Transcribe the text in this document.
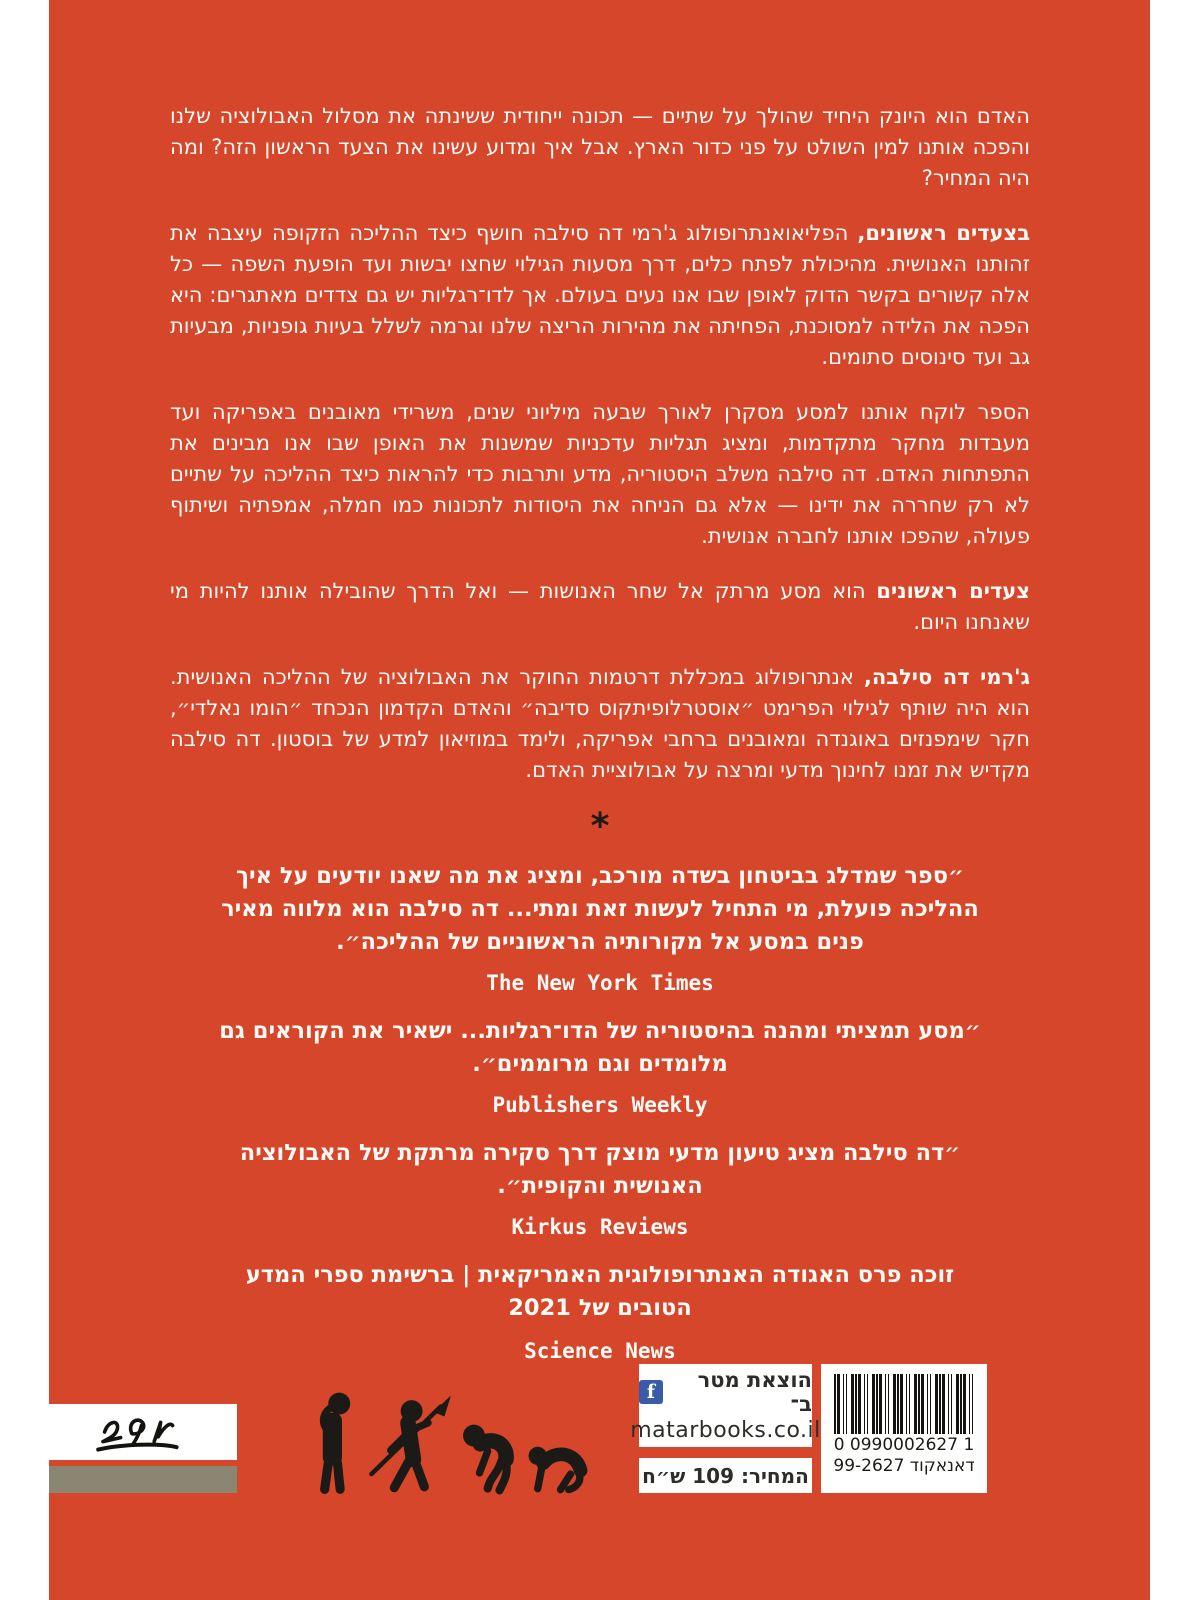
האדם הוא היונק היחיד שהולך על שתיים — תכונה ייחודית ששינתה את מסלול האבולוציה שלנו והפכה אותנו למין השולט על פני כדור הארץ. אבל איך ומדוע עשינו את הצעד הראשון הזה? ומה היה המחיר?

בצעדים ראשונים, הפליאואנתרופולוג ג'רמי דה סילבה חושף כיצד ההליכה הזקופה עיצבה את זהותנו האנושית. מהיכולת לפתח כלים, דרך מסעות הגילוי שחצו יבשות ועד הופעת השפה — כל אלה קשורים בקשר הדוק לאופן שבו אנו נעים בעולם. אך לדו־רגליות יש גם צדדים מאתגרים: היא הפכה את הלידה למסוכנת, הפחיתה את מהירות הריצה שלנו וגרמה לשלל בעיות גופניות, מבעיות גב ועד סינוסים סתומים.

הספר לוקח אותנו למסע מסקרן לאורך שבעה מיליוני שנים, משרידי מאובנים באפריקה ועד מעבדות מחקר מתקדמות, ומציג תגליות עדכניות שמשנות את האופן שבו אנו מבינים את התפתחות האדם. דה סילבה משלב היסטוריה, מדע ותרבות כדי להראות כיצד ההליכה על שתיים לא רק שחררה את ידינו — אלא גם הניחה את היסודות לתכונות כמו חמלה, אמפתיה ושיתוף פעולה, שהפכו אותנו לחברה אנושית.

צעדים ראשונים הוא מסע מרתק אל שחר האנושות — ואל הדרך שהובילה אותנו להיות מי שאנחנו היום.

ג'רמי דה סילבה, אנתרופולוג במכללת דרטמות החוקר את האבולוציה של ההליכה האנושית. הוא היה שותף לגילוי הפרימט ״אוסטרלופיתקוס סדיבה״ והאדם הקדמון הנכחד ״הומו נאלדי״, חקר שימפנזים באוגנדה ומאובנים ברחבי אפריקה, ולימד במוזיאון למדע של בוסטון. דה סילבה מקדיש את זמנו לחינוך מדעי ומרצה על אבולוציית האדם.

*

״ספר שמדלג בביטחון בשדה מורכב, ומציג את מה שאנו יודעים על איך ההליכה פועלת, מי התחיל לעשות זאת ומתי... דה סילבה הוא מלווה מאיר פנים במסע אל מקורותיה הראשוניים של ההליכה״.

The New York Times

״מסע תמציתי ומהנה בהיסטוריה של הדו־רגליות... ישאיר את הקוראים גם מלומדים וגם מרוממים״.

Publishers Weekly

״דה סילבה מציג טיעון מדעי מוצק דרך סקירה מרתקת של האבולוציה האנושית והקופית״.

Kirkus Reviews

זוכה פרס האגודה האנתרופולוגית האמריקאית | ברשימת ספרי המדע הטובים של 2021

Science News

הוצאת מטר ב־
f
matarbooks.co.il
המחיר: 109 ש״ח
0 0990002627 1
דאנאקוד 99-2627
